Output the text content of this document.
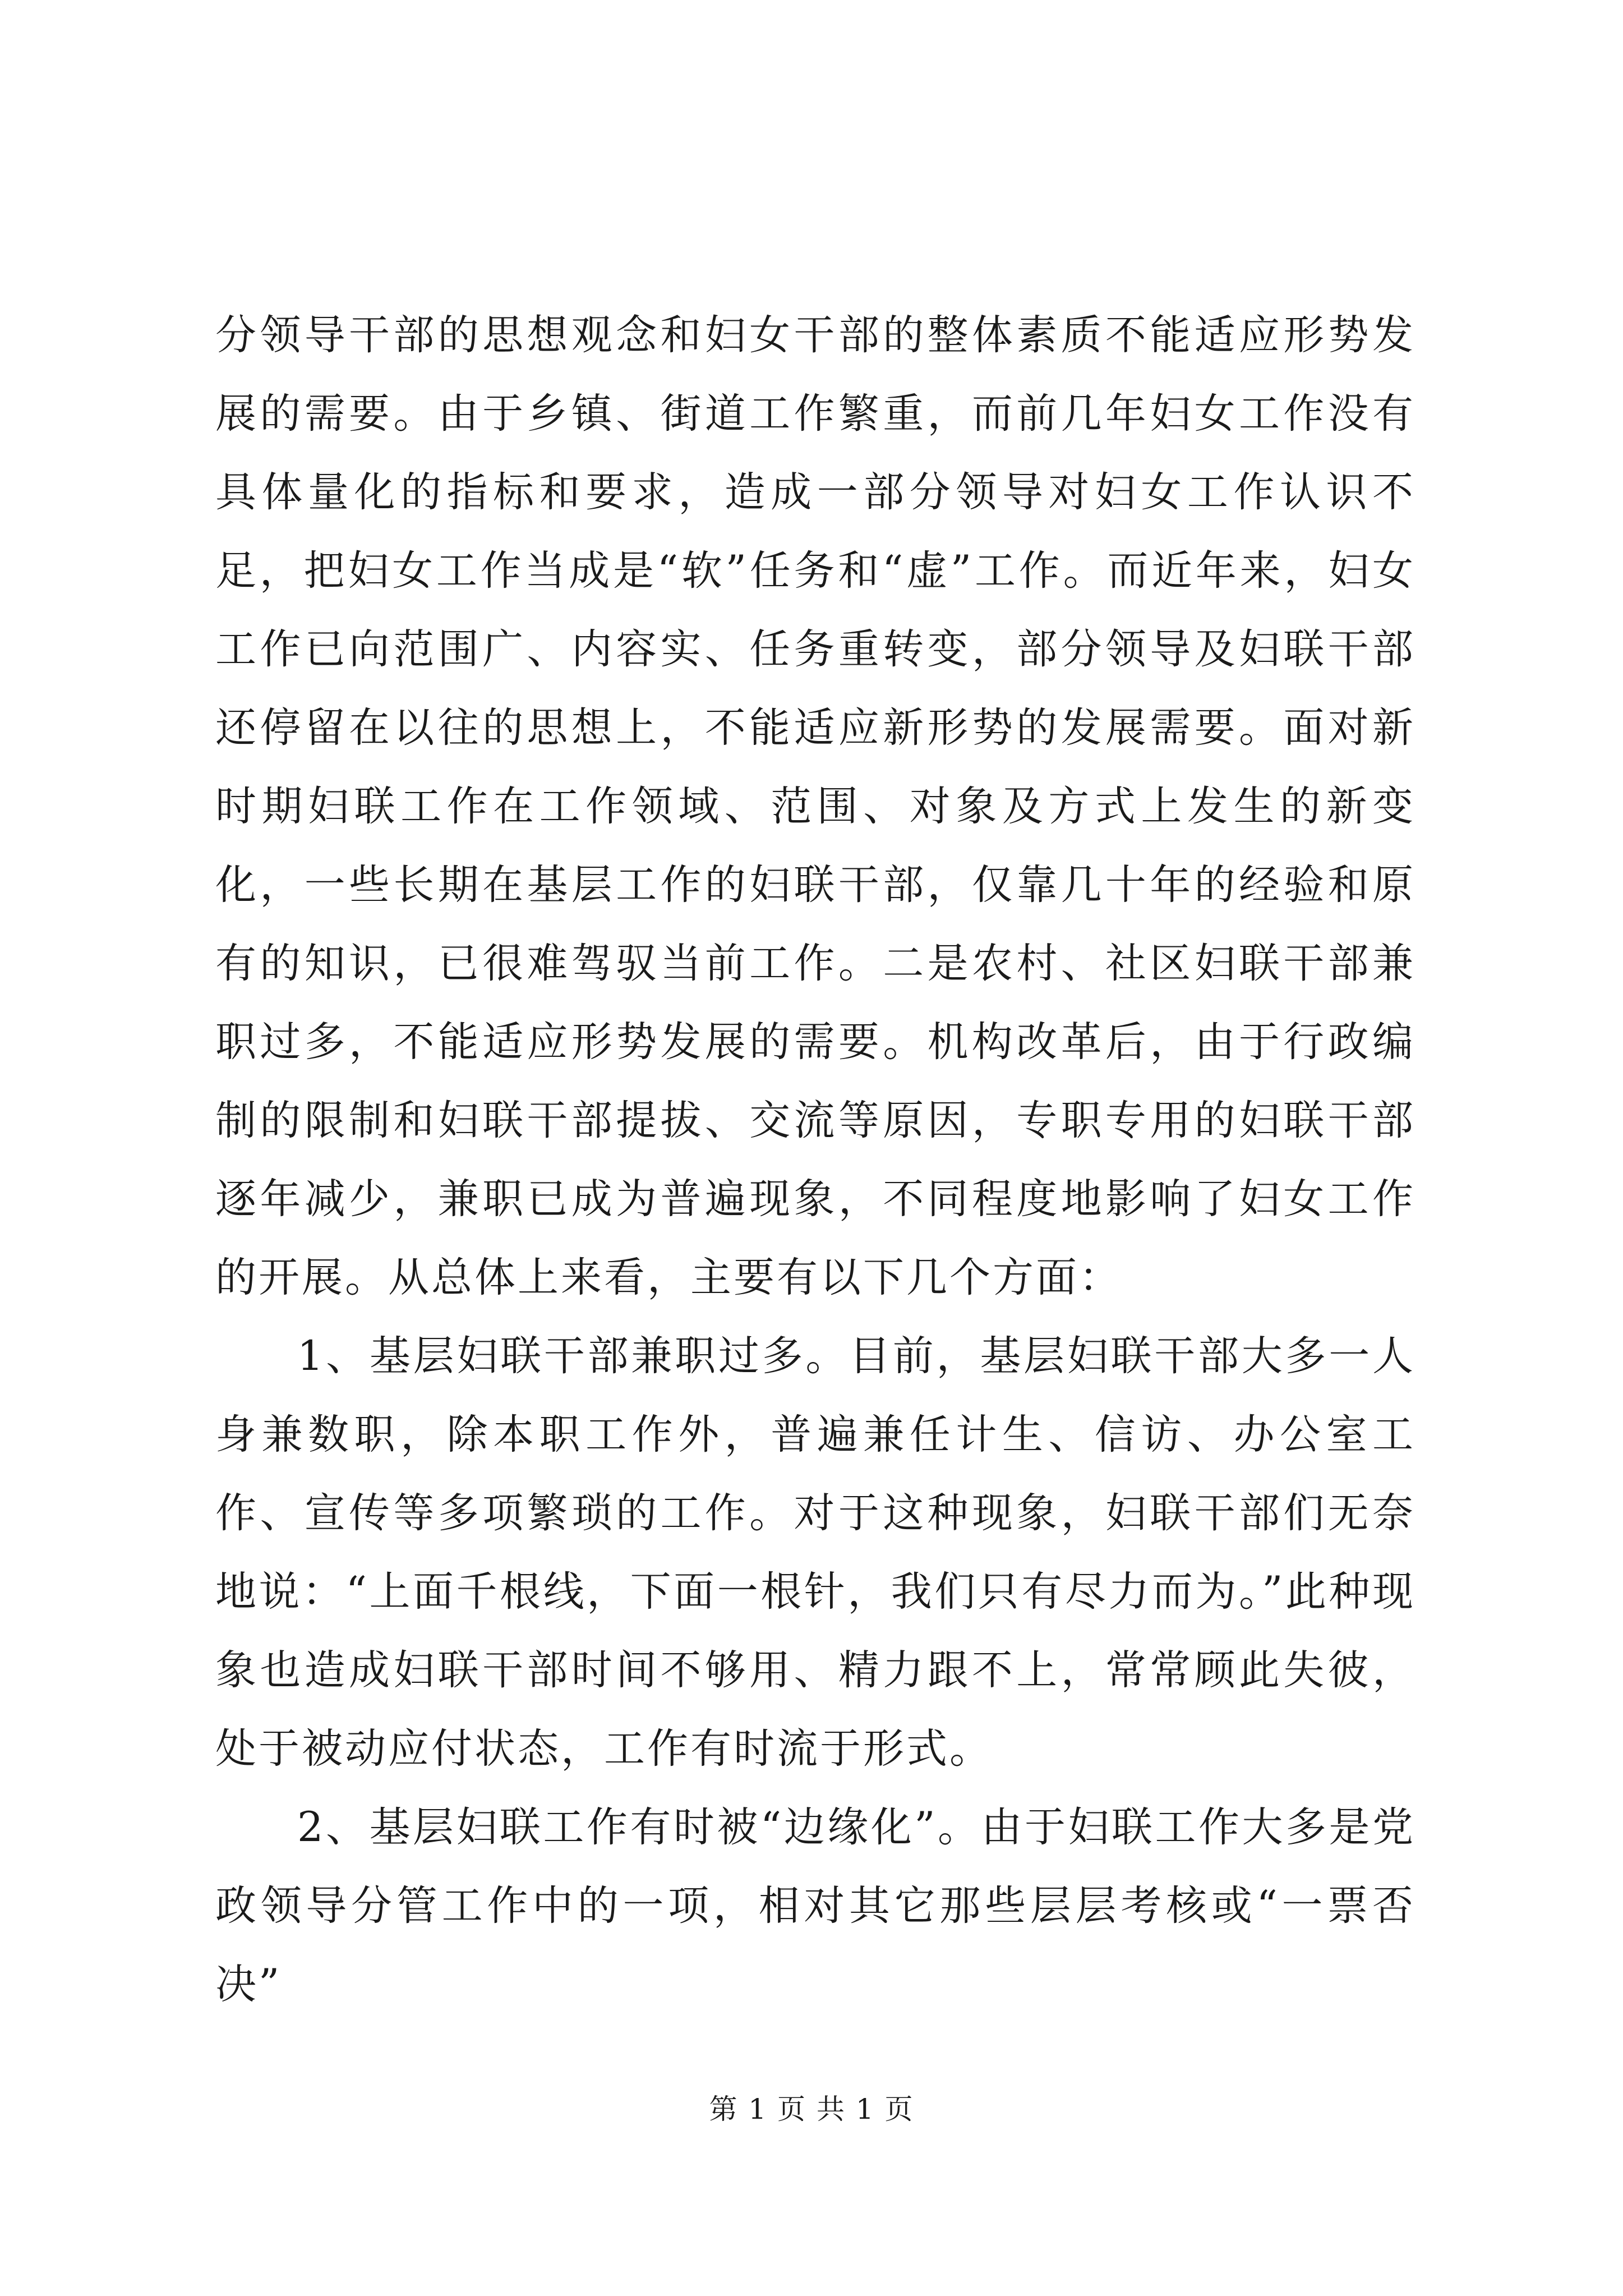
分领导干部的思想观念和妇女干部的整体素质不能适应形势发展的需要。由于乡镇、街道工作繁重，而前几年妇女工作没有具体量化的指标和要求，造成一部分领导对妇女工作认识不足，把妇女工作当成是“软”任务和“虚”工作。而近年来，妇女工作已向范围广、内容实、任务重转变，部分领导及妇联干部还停留在以往的思想上，不能适应新形势的发展需要。面对新时期妇联工作在工作领域、范围、对象及方式上发生的新变化，一些长期在基层工作的妇联干部，仅靠几十年的经验和原有的知识，已很难驾驭当前工作。二是农村、社区妇联干部兼职过多，不能适应形势发展的需要。机构改革后，由于行政编制的限制和妇联干部提拔、交流等原因，专职专用的妇联干部逐年减少，兼职已成为普遍现象，不同程度地影响了妇女工作的开展。从总体上来看，主要有以下几个方面：

1、基层妇联干部兼职过多。目前，基层妇联干部大多一人身兼数职，除本职工作外，普遍兼任计生、信访、办公室工作、宣传等多项繁琐的工作。对于这种现象，妇联干部们无奈地说：“上面千根线，下面一根针，我们只有尽力而为。”此种现象也造成妇联干部时间不够用、精力跟不上，常常顾此失彼，处于被动应付状态，工作有时流于形式。

2、基层妇联工作有时被“边缘化”。由于妇联工作大多是党政领导分管工作中的一项，相对其它那些层层考核或“一票否决”

第 1 页 共 1 页
